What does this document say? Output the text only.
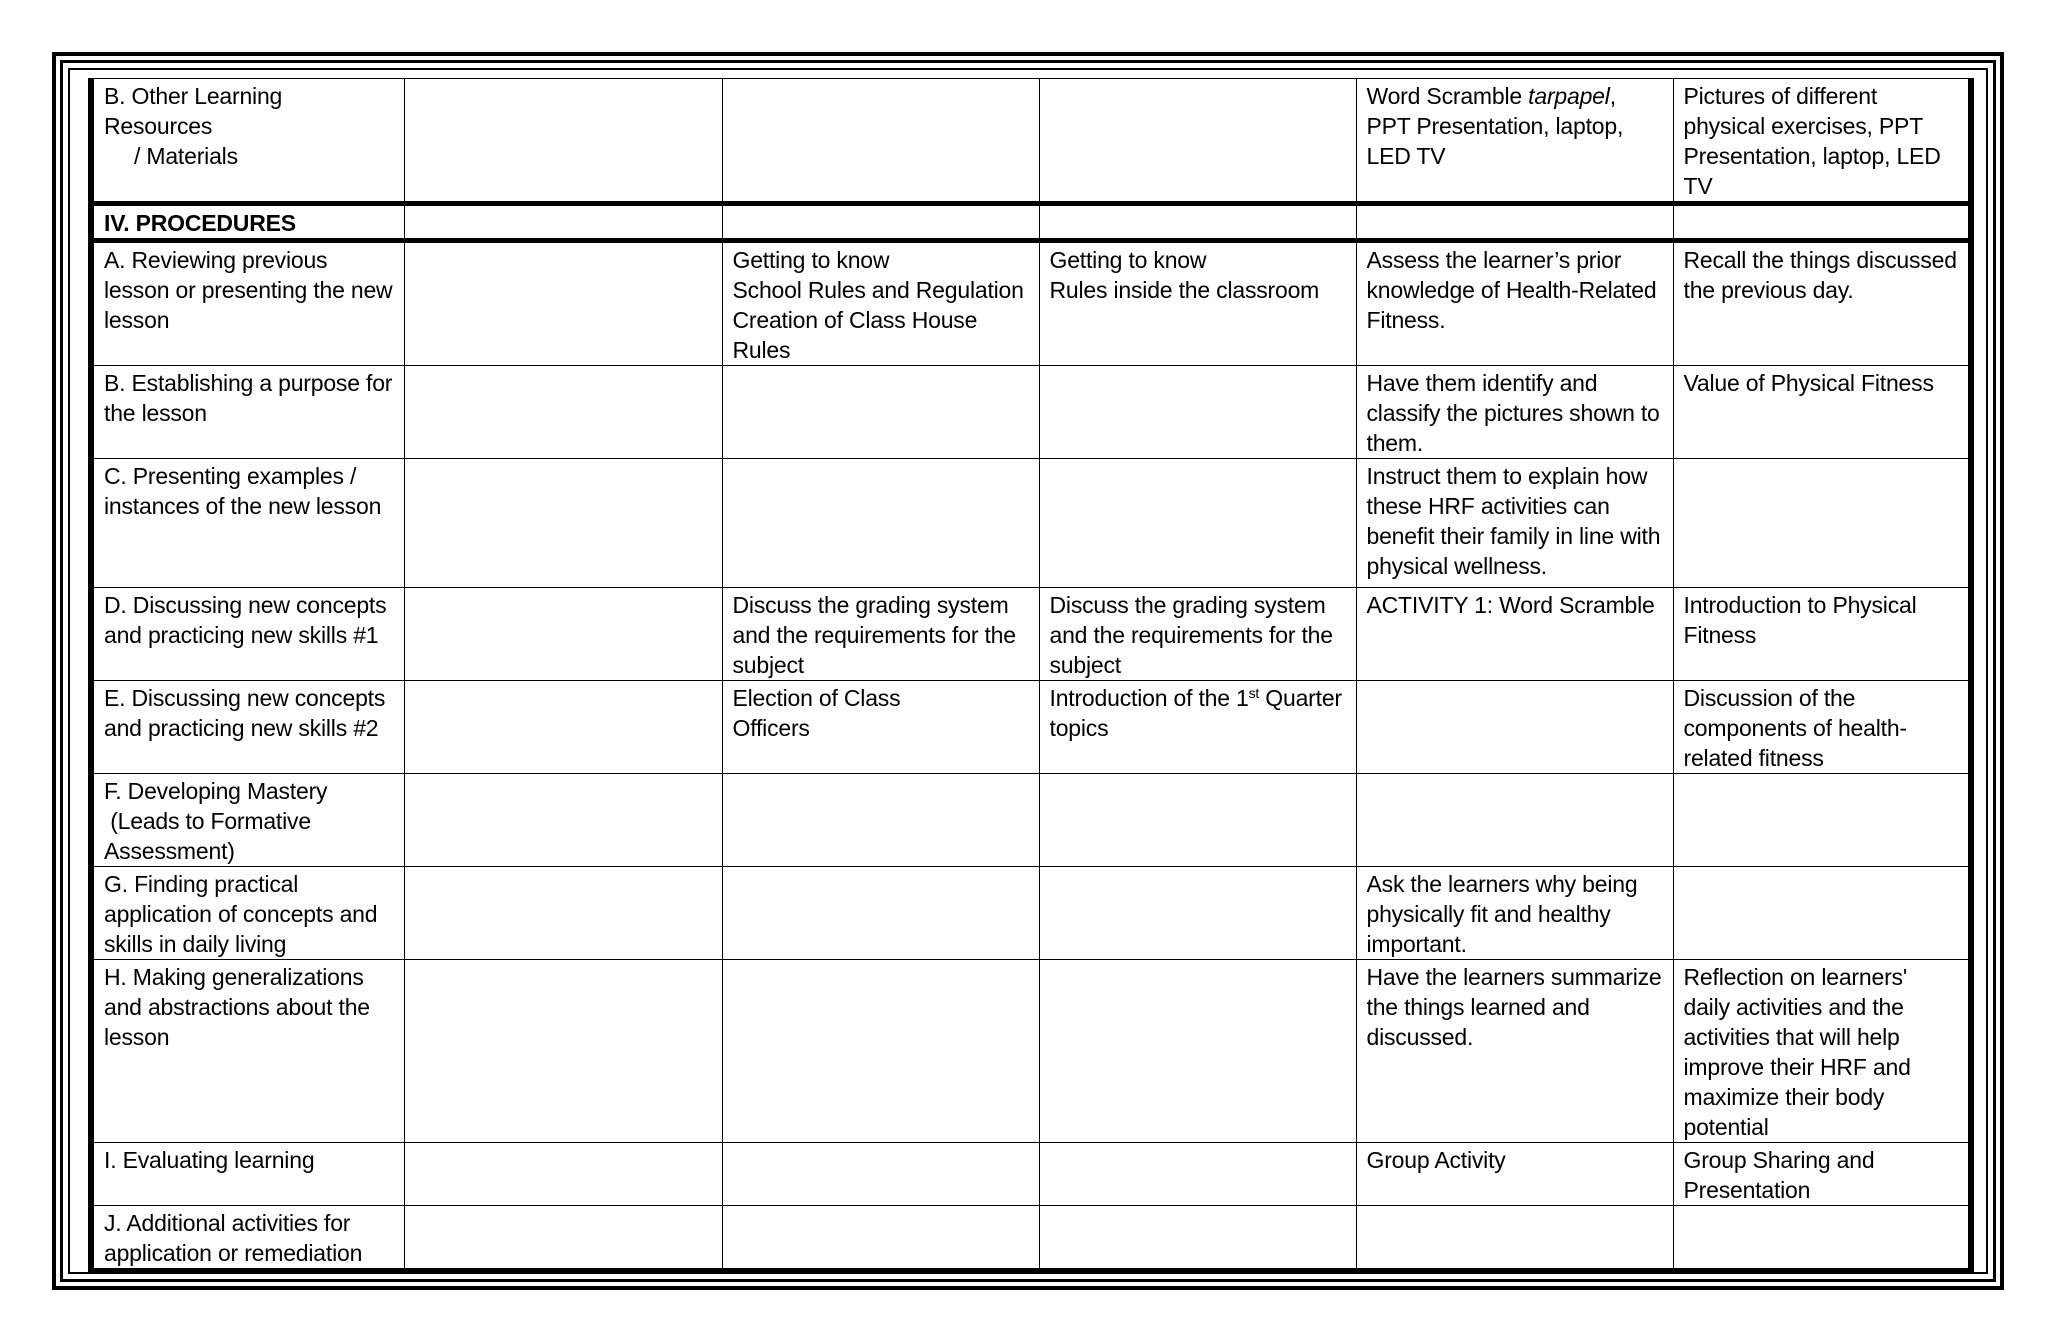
B. Other Learning Resources
/ Materials				Word Scramble tarpapel, PPT Presentation, laptop, LED TV	Pictures of different physical exercises, PPT Presentation, laptop, LED TV
IV. PROCEDURES					
A. Reviewing previous lesson or presenting the new lesson		Getting to know
School Rules and Regulation
Creation of Class House Rules	Getting to know
Rules inside the classroom	Assess the learner’s prior knowledge of Health-Related Fitness.	Recall the things discussed the previous day.
B. Establishing a purpose for the lesson				Have them identify and classify the pictures shown to them.	Value of Physical Fitness
C. Presenting examples / instances of the new lesson				Instruct them to explain how these HRF activities can benefit their family in line with physical wellness.	
D. Discussing new concepts and practicing new skills #1		Discuss the grading system and the requirements for the subject	Discuss the grading system and the requirements for the subject	ACTIVITY 1: Word Scramble	Introduction to Physical Fitness
E. Discussing new concepts and practicing new skills #2		Election of Class
Officers	Introduction of the 1st Quarter topics		Discussion of the components of health-related fitness

F. Developing Mastery
(Leads to Formative
Assessment)					

G. Finding practical application of concepts and skills in daily living				Ask the learners why being physically fit and healthy important.	
H. Making generalizations and abstractions about the lesson				Have the learners summarize the things learned and discussed.	Reflection on learners' daily activities and the activities that will help improve their HRF and maximize their body potential
I. Evaluating learning				Group Activity	Group Sharing and Presentation
J. Additional activities for application or remediation					
